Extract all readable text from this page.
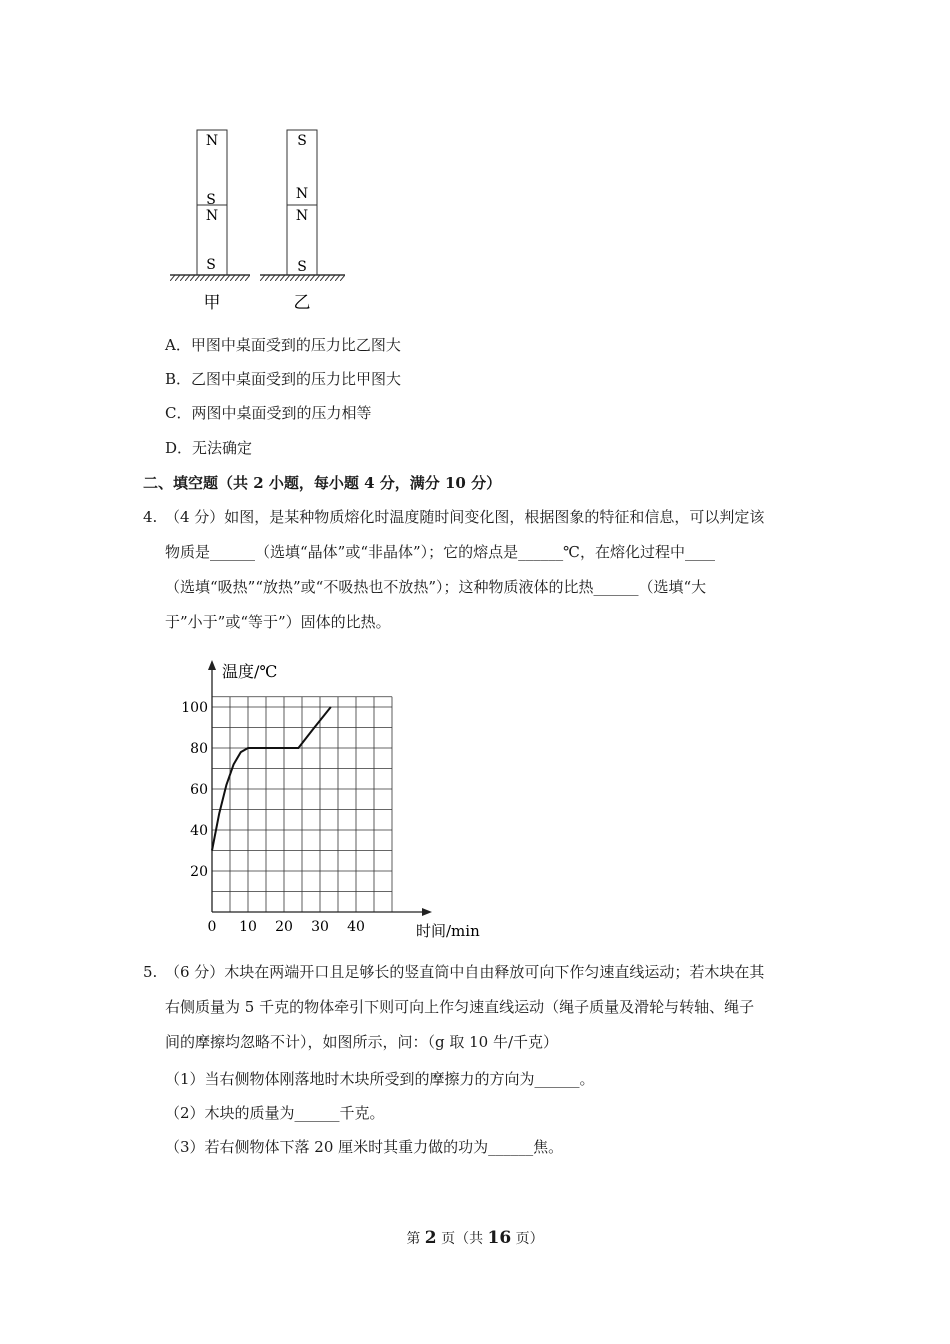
N
S
N
S
甲
S
N
N
S
乙
A．甲图中桌面受到的压力比乙图大
B．乙图中桌面受到的压力比甲图大
C．两图中桌面受到的压力相等
D．无法确定
二、填空题（共 2 小题，每小题 4 分，满分 10 分）
4. （4 分）如图，是某种物质熔化时温度随时间变化图，根据图象的特征和信息，可以判定该
物质是______（选填“晶体”或“非晶体”）；它的熔点是______℃，在熔化过程中____
（选填“吸热”“放热”或“不吸热也不放热”）；这种物质液体的比热______（选填“大
于”小于”或“等于”）固体的比热。
温度/℃
时间/min
20
40
60
80
100
0 10 20 30 40
5. （6 分）木块在两端开口且足够长的竖直筒中自由释放可向下作匀速直线运动；若木块在其
右侧质量为 5 千克的物体牵引下则可向上作匀速直线运动（绳子质量及滑轮与转轴、绳子
间的摩擦均忽略不计），如图所示，问：（g 取 10 牛/千克）
（1）当右侧物体刚落地时木块所受到的摩擦力的方向为______。
（2）木块的质量为______千克。
（3）若右侧物体下落 20 厘米时其重力做的功为______焦。
第 2 页（共 16 页）
